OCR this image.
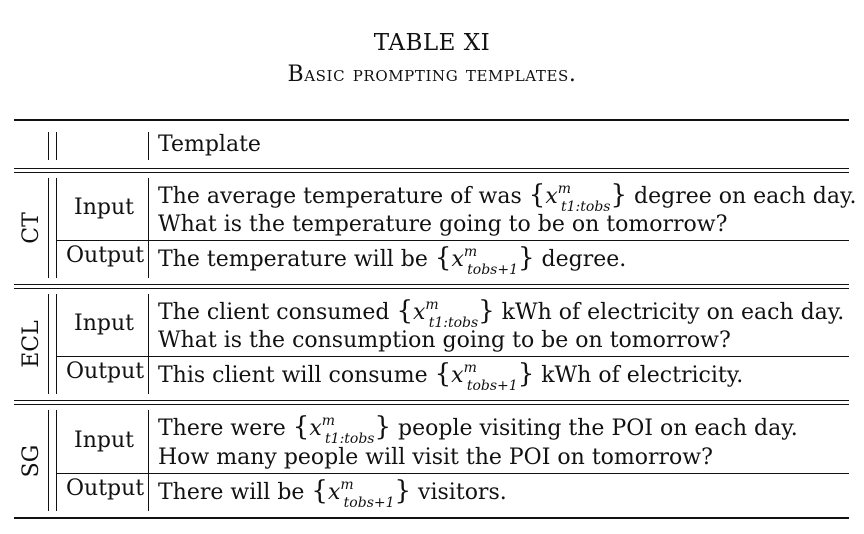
TABLE XI
Basic prompting templates.
Template
CT
Input
Output
The average temperature of was $\{x^m_{t1:tobs}\}$ degree on each day.
What is the temperature going to be on tomorrow?
The temperature will be $\{x^m_{tobs+1}\}$ degree.
ECL Input
Output
The client consumed $\{x^m_{t1:tobs}\}$ kWh of electricity on each day.
What is the consumption going to be on tomorrow?
This client will consume $\{x^m_{tobs+1}\}$ kWh of electricity.
SG
Input
Output
There were $\{x^m_{t1:tobs}\}$ people visiting the POI on each day.
How many people will visit the POI on tomorrow?
There will be $\{x^m_{tobs+1}\}$ visitors.
